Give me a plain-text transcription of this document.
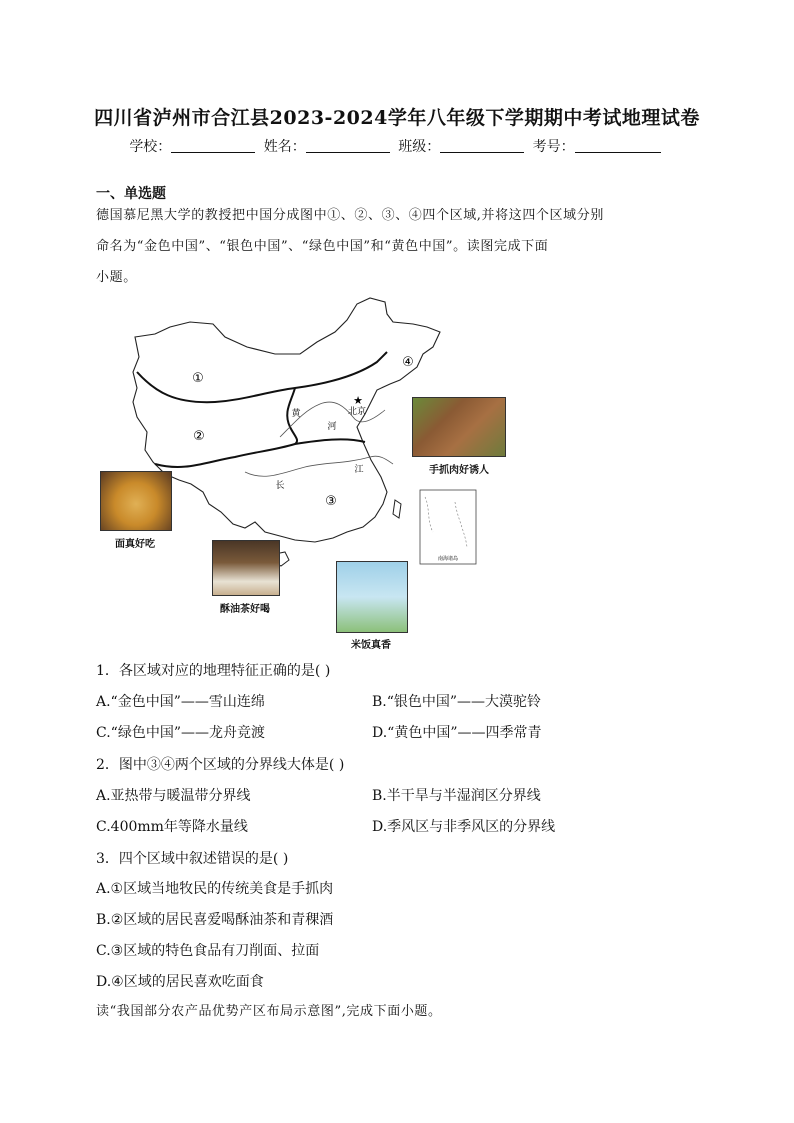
四川省泸州市合江县2023-2024学年八年级下学期期中考试地理试卷
学校：	姓名：	班级：	考号：
一、单选题
德国慕尼黑大学的教授把中国分成图中①、②、③、④四个区域,并将这四个区域分别
命名为“金色中国”、“银色中国”、“绿色中国”和“黄色中国”。读图完成下面
小题。
①
②
③
④
★
北京
黄
河
长
江
南海诸岛
手抓肉好诱人
面真好吃
酥油茶好喝
米饭真香
1．各区域对应的地理特征正确的是( )
A.“金色中国”——雪山连绵	B.“银色中国”——大漠驼铃
C.“绿色中国”——龙舟竞渡	D.“黄色中国”——四季常青
2．图中③④两个区域的分界线大体是( )
A.亚热带与暖温带分界线	B.半干旱与半湿润区分界线
C.400mm年等降水量线	D.季风区与非季风区的分界线
3．四个区域中叙述错误的是( )
A.①区域当地牧民的传统美食是手抓肉
B.②区域的居民喜爱喝酥油茶和青稞酒
C.③区域的特色食品有刀削面、拉面
D.④区域的居民喜欢吃面食
读“我国部分农产品优势产区布局示意图”,完成下面小题。
